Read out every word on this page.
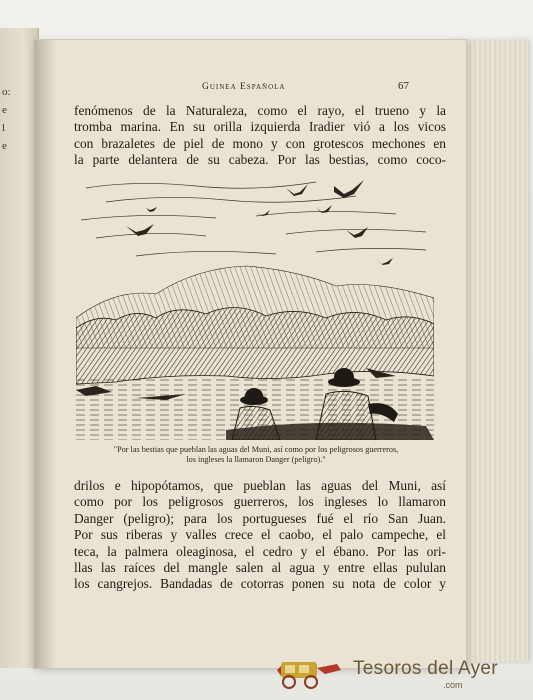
o:
e
l
e
Guinea Española	67
fenómenos de la Naturaleza, como el rayo, el trueno y la
tromba marina. En su orilla izquierda Iradier vió a los vicos
con brazaletes de piel de mono y con grotescos mechones en
la parte delantera de su cabeza. Por las bestias, como coco-
"Por las bestias que pueblan las aguas del Muni, así como por los peligrosos guerreros,
los ingleses la llamaron Danger (peligro)."
drilos e hipopótamos, que pueblan las aguas del Muni, así
como por los peligrosos guerreros, los ingleses lo llamaron
Danger (peligro); para los portugueses fué el río San Juan.
Por sus riberas y valles crece el caobo, el palo campeche, el
teca, la palmera oleaginosa, el cedro y el ébano. Por las ori-
llas las raíces del mangle salen al agua y entre ellas pululan
los cangrejos. Bandadas de cotorras ponen su nota de color y
Tesoros del Ayer
.com
